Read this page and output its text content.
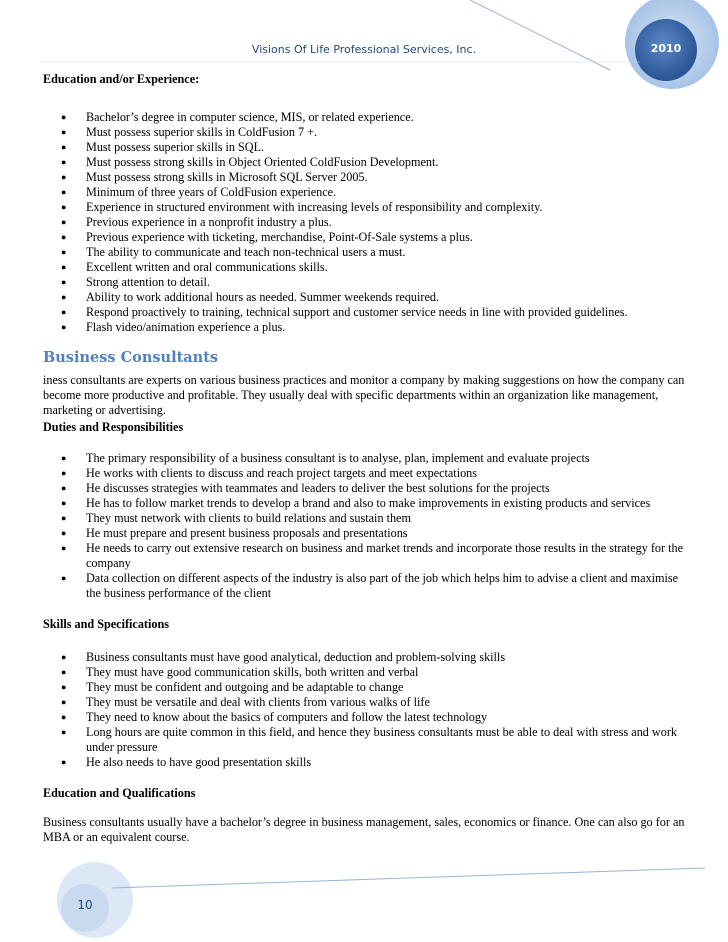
Visions Of Life Professional Services, Inc.	2010
10

Education and/or Experience:

● Bachelor’s degree in computer science, MIS, or related experience.
● Must possess superior skills in ColdFusion 7 +.
● Must possess superior skills in SQL.
● Must possess strong skills in Object Oriented ColdFusion Development.
● Must possess strong skills in Microsoft SQL Server 2005.
● Minimum of three years of ColdFusion experience.
● Experience in structured environment with increasing levels of responsibility and complexity.
● Previous experience in a nonprofit industry a plus.
● Previous experience with ticketing, merchandise, Point-Of-Sale systems a plus.
● The ability to communicate and teach non-technical users a must.
● Excellent written and oral communications skills.
● Strong attention to detail.
● Ability to work additional hours as needed. Summer weekends required.
● Respond proactively to training, technical support and customer service needs in line with provided guidelines.
● Flash video/animation experience a plus.

Business Consultants

iness consultants are experts on various business practices and monitor a company by making suggestions on how the company can become more productive and profitable. They usually deal with specific departments within an organization like management, marketing or advertising.

Duties and Responsibilities

● The primary responsibility of a business consultant is to analyse, plan, implement and evaluate projects
● He works with clients to discuss and reach project targets and meet expectations
● He discusses strategies with teammates and leaders to deliver the best solutions for the projects
● He has to follow market trends to develop a brand and also to make improvements in existing products and services
● They must network with clients to build relations and sustain them
● He must prepare and present business proposals and presentations
● He needs to carry out extensive research on business and market trends and incorporate those results in the strategy for the company
● Data collection on different aspects of the industry is also part of the job which helps him to advise a client and maximise the business performance of the client

Skills and Specifications

● Business consultants must have good analytical, deduction and problem-solving skills
● They must have good communication skills, both written and verbal
● They must be confident and outgoing and be adaptable to change
● They must be versatile and deal with clients from various walks of life
● They need to know about the basics of computers and follow the latest technology
● Long hours are quite common in this field, and hence they business consultants must be able to deal with stress and work under pressure
● He also needs to have good presentation skills

Education and Qualifications

Business consultants usually have a bachelor’s degree in business management, sales, economics or finance. One can also go for an MBA or an equivalent course.
